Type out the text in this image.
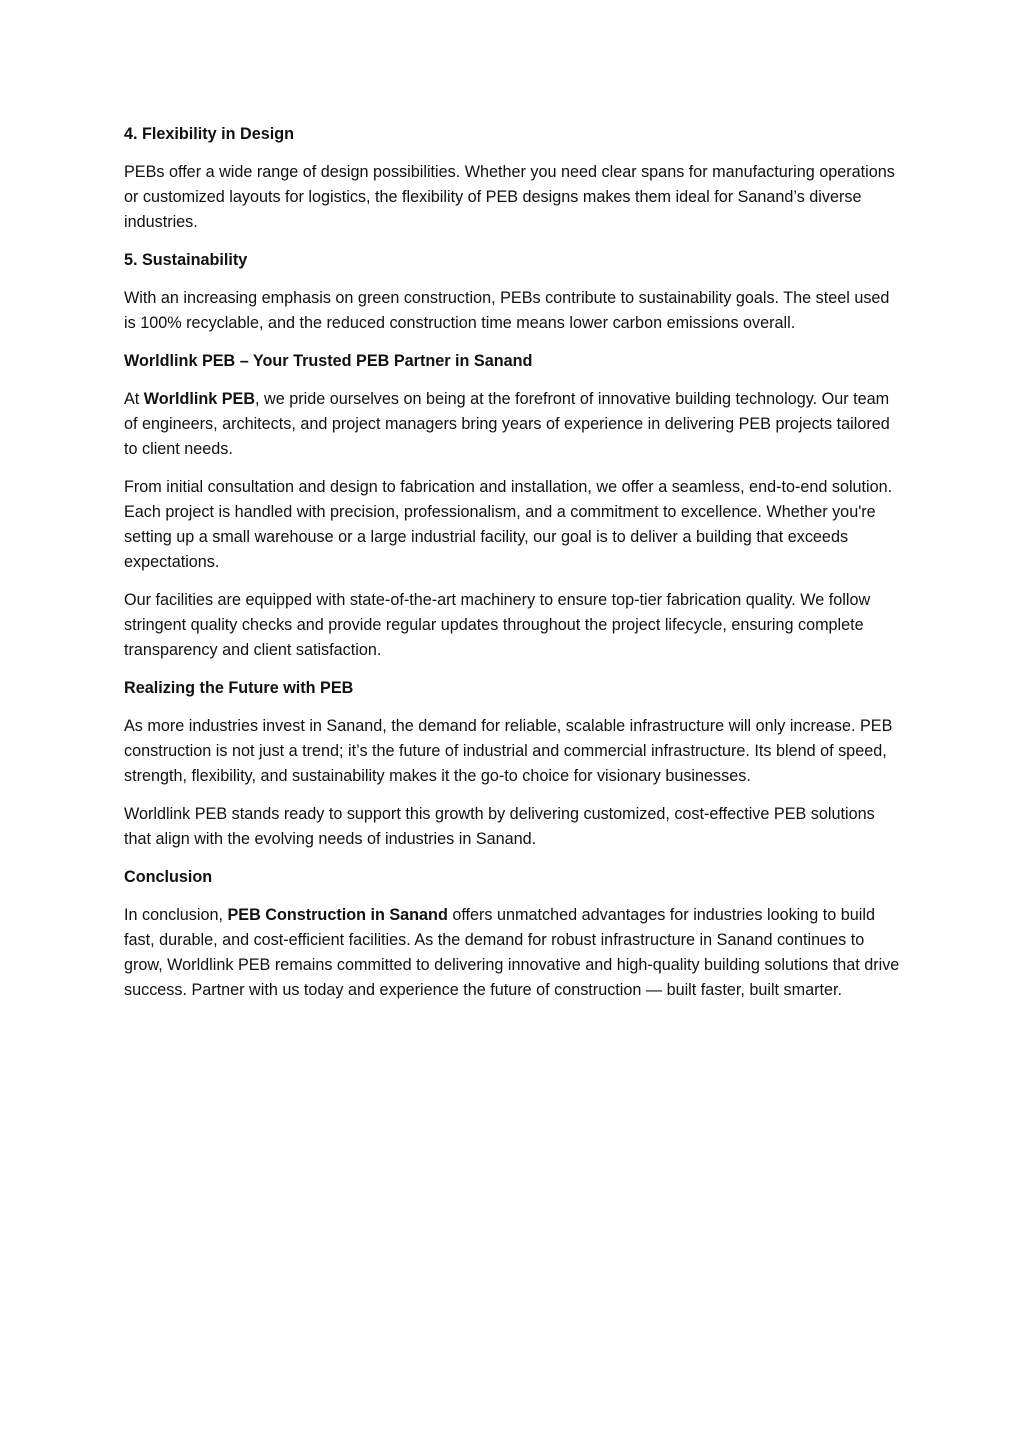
4. Flexibility in Design
PEBs offer a wide range of design possibilities. Whether you need clear spans for manufacturing operations or customized layouts for logistics, the flexibility of PEB designs makes them ideal for Sanand’s diverse industries.
5. Sustainability
With an increasing emphasis on green construction, PEBs contribute to sustainability goals. The steel used is 100% recyclable, and the reduced construction time means lower carbon emissions overall.
Worldlink PEB – Your Trusted PEB Partner in Sanand
At Worldlink PEB, we pride ourselves on being at the forefront of innovative building technology. Our team of engineers, architects, and project managers bring years of experience in delivering PEB projects tailored to client needs.
From initial consultation and design to fabrication and installation, we offer a seamless, end-to-end solution. Each project is handled with precision, professionalism, and a commitment to excellence. Whether you're setting up a small warehouse or a large industrial facility, our goal is to deliver a building that exceeds expectations.
Our facilities are equipped with state-of-the-art machinery to ensure top-tier fabrication quality. We follow stringent quality checks and provide regular updates throughout the project lifecycle, ensuring complete transparency and client satisfaction.
Realizing the Future with PEB
As more industries invest in Sanand, the demand for reliable, scalable infrastructure will only increase. PEB construction is not just a trend; it’s the future of industrial and commercial infrastructure. Its blend of speed, strength, flexibility, and sustainability makes it the go-to choice for visionary businesses.
Worldlink PEB stands ready to support this growth by delivering customized, cost-effective PEB solutions that align with the evolving needs of industries in Sanand.
Conclusion
In conclusion, PEB Construction in Sanand offers unmatched advantages for industries looking to build fast, durable, and cost-efficient facilities. As the demand for robust infrastructure in Sanand continues to grow, Worldlink PEB remains committed to delivering innovative and high-quality building solutions that drive success. Partner with us today and experience the future of construction — built faster, built smarter.
